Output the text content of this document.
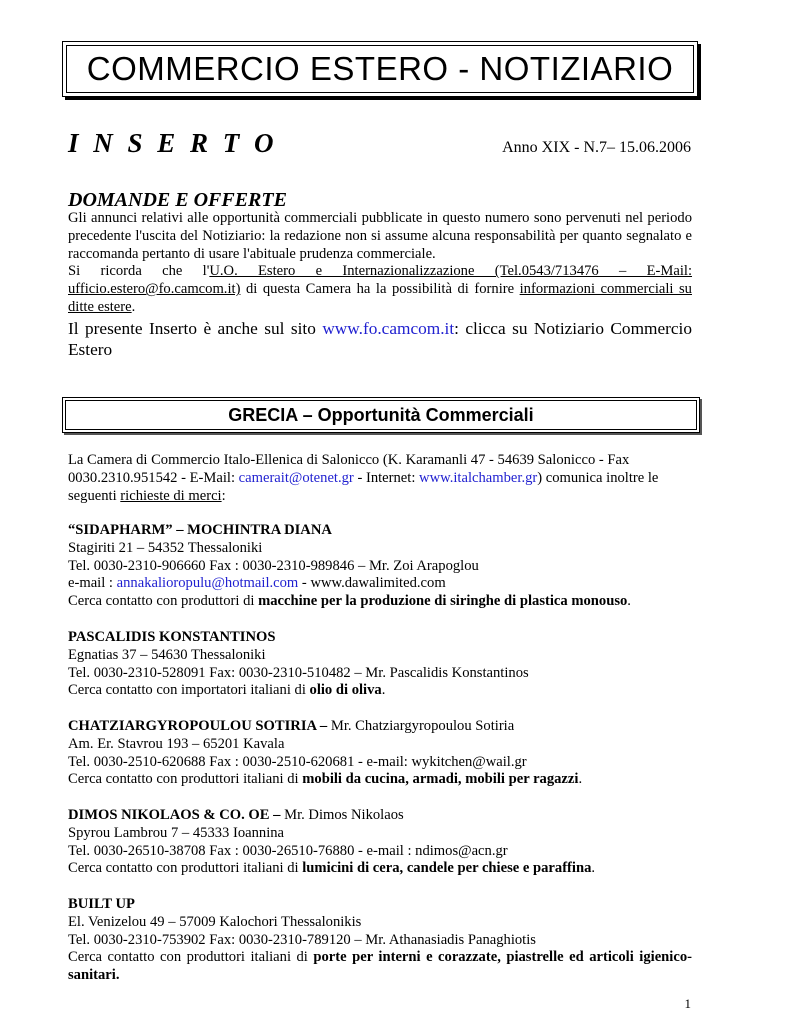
COMMERCIO ESTERO - NOTIZIARIO
I N S E R T O	Anno XIX - N.7– 15.06.2006
DOMANDE E OFFERTE

Gli annunci relativi alle opportunità commerciali pubblicate in questo numero sono pervenuti nel periodo precedente l'uscita del Notiziario: la redazione non si assume alcuna responsabilità per quanto segnalato e raccomanda pertanto di usare l'abituale prudenza commerciale.

Si ricorda che l'U.O. Estero e Internazionalizzazione (Tel.0543/713476 – E-Mail: ufficio.estero@fo.camcom.it) di questa Camera ha la possibilità di fornire informazioni commerciali su ditte estere.

Il presente Inserto è anche sul sito www.fo.camcom.it: clicca su Notiziario Commercio Estero

GRECIA – Opportunità Commerciali

La Camera di Commercio Italo-Ellenica di Salonicco (K. Karamanli 47 - 54639 Salonicco - Fax 0030.2310.951542 - E-Mail: camerait@otenet.gr - Internet: www.italchamber.gr) comunica inoltre le seguenti richieste di merci:

“SIDAPHARM” – MOCHINTRA DIANA

Stagiriti 21 – 54352 Thessaloniki

Tel. 0030-2310-906660 Fax : 0030-2310-989846 – Mr. Zoi Arapoglou

e-mail : annakalioropulu@hotmail.com - www.dawalimited.com

Cerca contatto con produttori di macchine per la produzione di siringhe di plastica monouso.

PASCALIDIS KONSTANTINOS

Egnatias 37 – 54630 Thessaloniki

Tel. 0030-2310-528091 Fax: 0030-2310-510482 – Mr. Pascalidis Konstantinos

Cerca contatto con importatori italiani di olio di oliva.

CHATZIARGYROPOULOU SOTIRIA – Mr. Chatziargyropoulou Sotiria

Am. Er. Stavrou 193 – 65201 Kavala

Tel. 0030-2510-620688 Fax : 0030-2510-620681 - e-mail: wykitchen@wail.gr

Cerca contatto con produttori italiani di mobili da cucina, armadi, mobili per ragazzi.

DIMOS NIKOLAOS & CO. OE – Mr. Dimos Nikolaos

Spyrou Lambrou 7 – 45333 Ioannina

Tel. 0030-26510-38708 Fax : 0030-26510-76880 - e-mail : ndimos@acn.gr

Cerca contatto con produttori italiani di lumicini di cera, candele per chiese e paraffina.

BUILT UP

El. Venizelou 49 – 57009 Kalochori Thessalonikis

Tel. 0030-2310-753902 Fax: 0030-2310-789120 – Mr. Athanasiadis Panaghiotis

Cerca contatto con produttori italiani di porte per interni e corazzate, piastrelle ed articoli igienico-sanitari.

1
